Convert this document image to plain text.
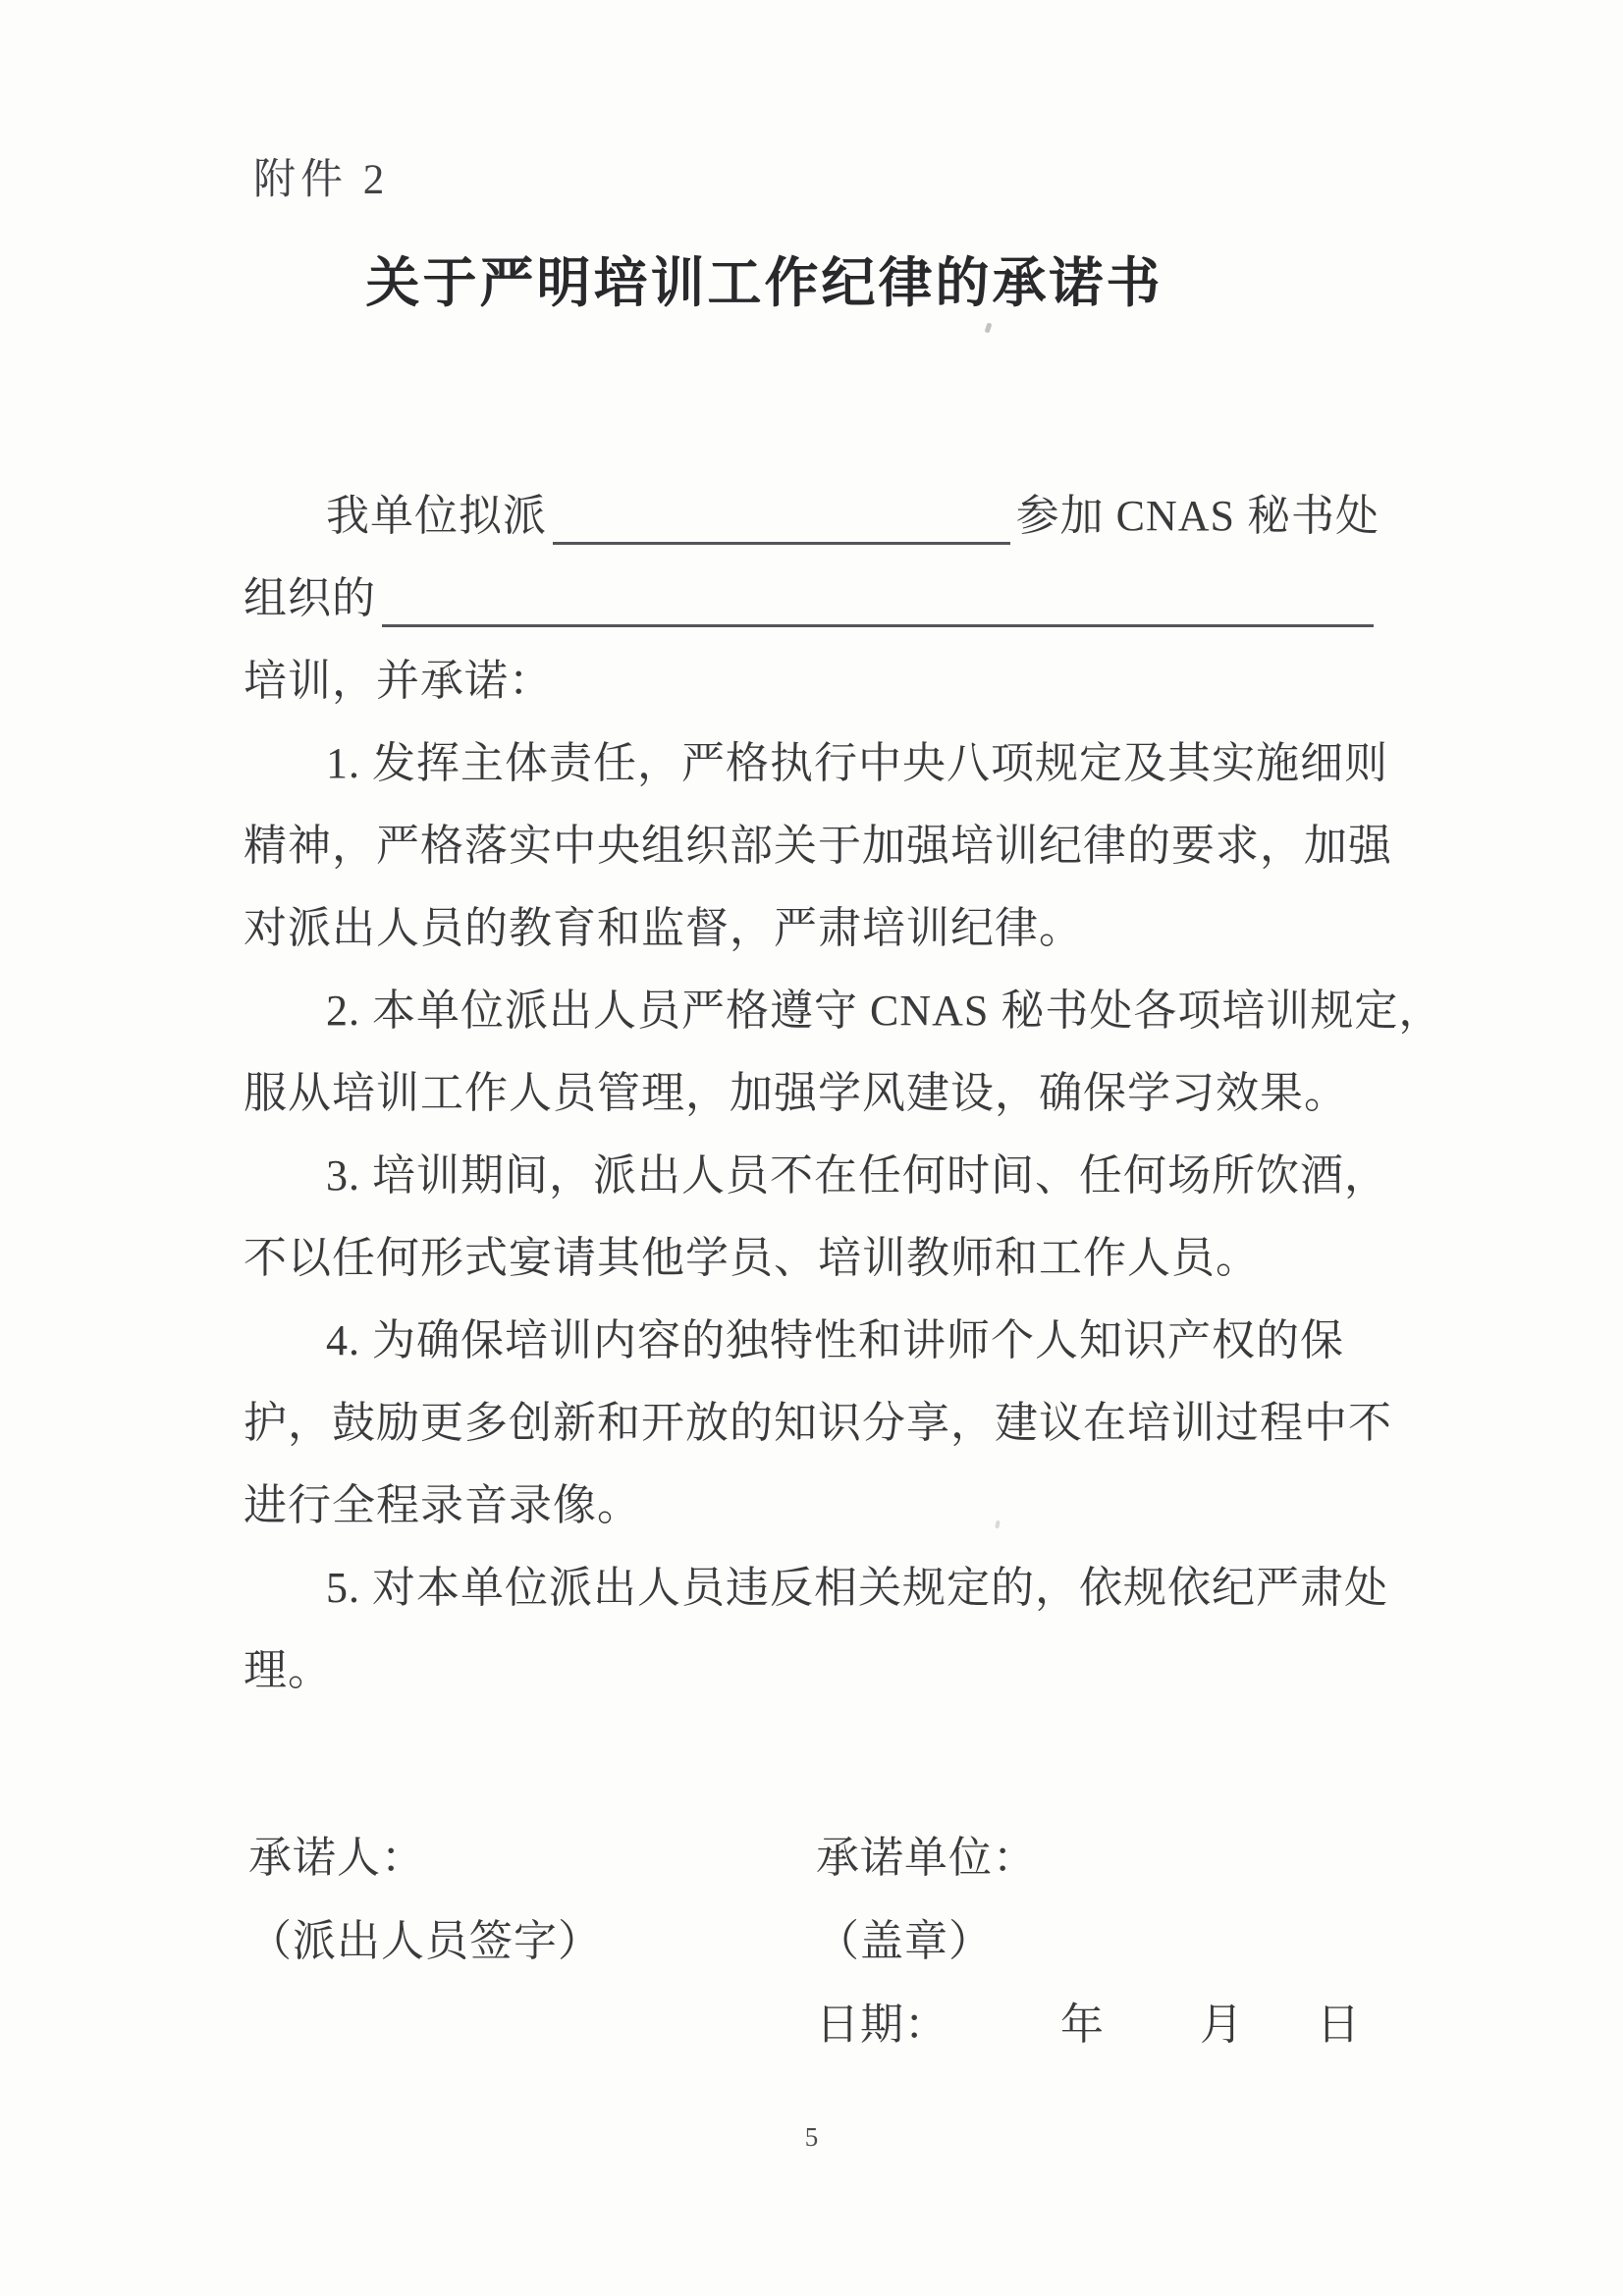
附件 2
关于严明培训工作纪律的承诺书
我单位拟派	参加 CNAS 秘书处
组织的
培训，并承诺：
1. 发挥主体责任，严格执行中央八项规定及其实施细则
精神，严格落实中央组织部关于加强培训纪律的要求，加强
对派出人员的教育和监督，严肃培训纪律。
2. 本单位派出人员严格遵守 CNAS 秘书处各项培训规定，
服从培训工作人员管理，加强学风建设，确保学习效果。
3. 培训期间，派出人员不在任何时间、任何场所饮酒，
不以任何形式宴请其他学员、培训教师和工作人员。
4. 为确保培训内容的独特性和讲师个人知识产权的保
护，鼓励更多创新和开放的知识分享，建议在培训过程中不
进行全程录音录像。
5. 对本单位派出人员违反相关规定的，依规依纪严肃处
理。
承诺人：	承诺单位：
（派出人员签字）	（盖章）
日期：	年 月 日
5
